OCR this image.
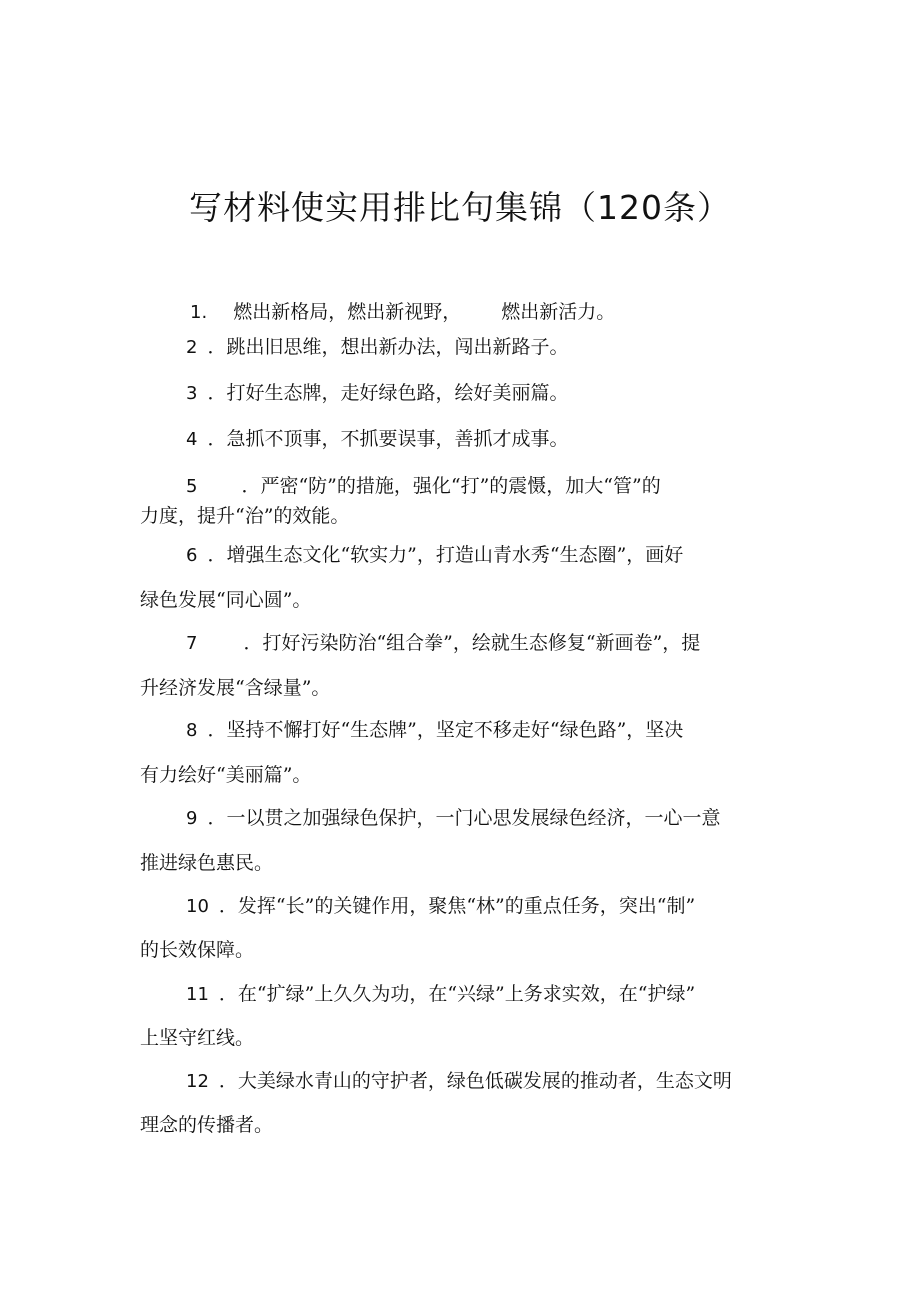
写材料使实用排比句集锦（120条）
1. 燃出新格局，燃出新视野， 燃出新活力。
2 ．跳出旧思维，想出新办法，闯出新路子。
3 ．打好生态牌，走好绿色路，绘好美丽篇。
4 ．急抓不顶事，不抓要误事，善抓才成事。
5 ．严密“防”的措施，强化“打”的震慑，加大“管”的
力度，提升“治”的效能。
6 ．增强生态文化“软实力”，打造山青水秀“生态圈”，画好
绿色发展“同心圆”。
7 ．打好污染防治“组合拳”，绘就生态修复“新画卷”，提
升经济发展“含绿量”。
8 ．坚持不懈打好“生态牌”，坚定不移走好“绿色路”，坚决
有力绘好“美丽篇”。
9 ．一以贯之加强绿色保护，一门心思发展绿色经济，一心一意
推进绿色惠民。
10 ．发挥“长”的关键作用，聚焦“林”的重点任务，突出“制”
的长效保障。
11 ．在“扩绿”上久久为功，在“兴绿”上务求实效，在“护绿”
上坚守红线。
12 ．大美绿水青山的守护者，绿色低碳发展的推动者，生态文明
理念的传播者。
